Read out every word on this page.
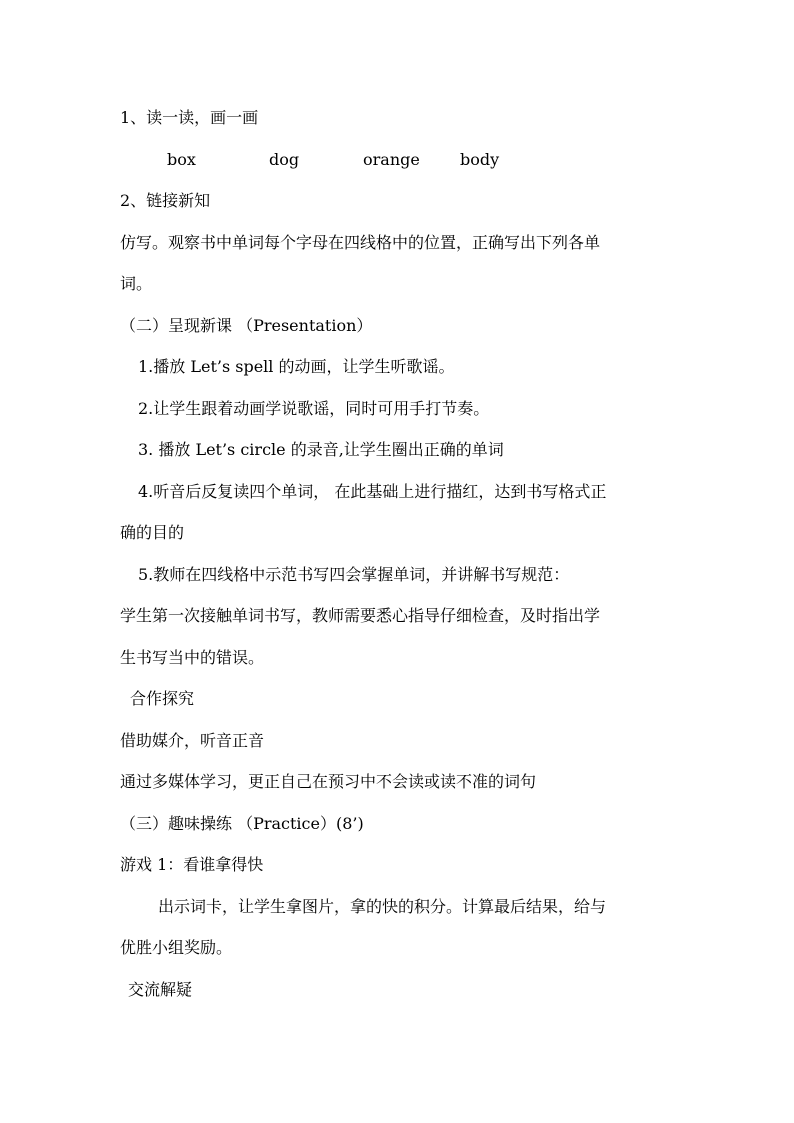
1、读一读，画一画

box	dog	orange	body

2、链接新知

仿写。观察书中单词每个字母在四线格中的位置，正确写出下列各单

词。

（二）呈现新课 （Presentation）

1.播放 Let’s spell 的动画，让学生听歌谣。

2.让学生跟着动画学说歌谣，同时可用手打节奏。

3. 播放 Let’s circle 的录音,让学生圈出正确的单词

4.听音后反复读四个单词， 在此基础上进行描红，达到书写格式正

确的目的

5.教师在四线格中示范书写四会掌握单词，并讲解书写规范：

学生第一次接触单词书写，教师需要悉心指导仔细检查，及时指出学

生书写当中的错误。

合作探究

借助媒介，听音正音

通过多媒体学习，更正自己在预习中不会读或读不准的词句

（三）趣味操练 （Practice）(8’)

游戏 1：看谁拿得快

出示词卡，让学生拿图片，拿的快的积分。计算最后结果，给与

优胜小组奖励。

交流解疑
